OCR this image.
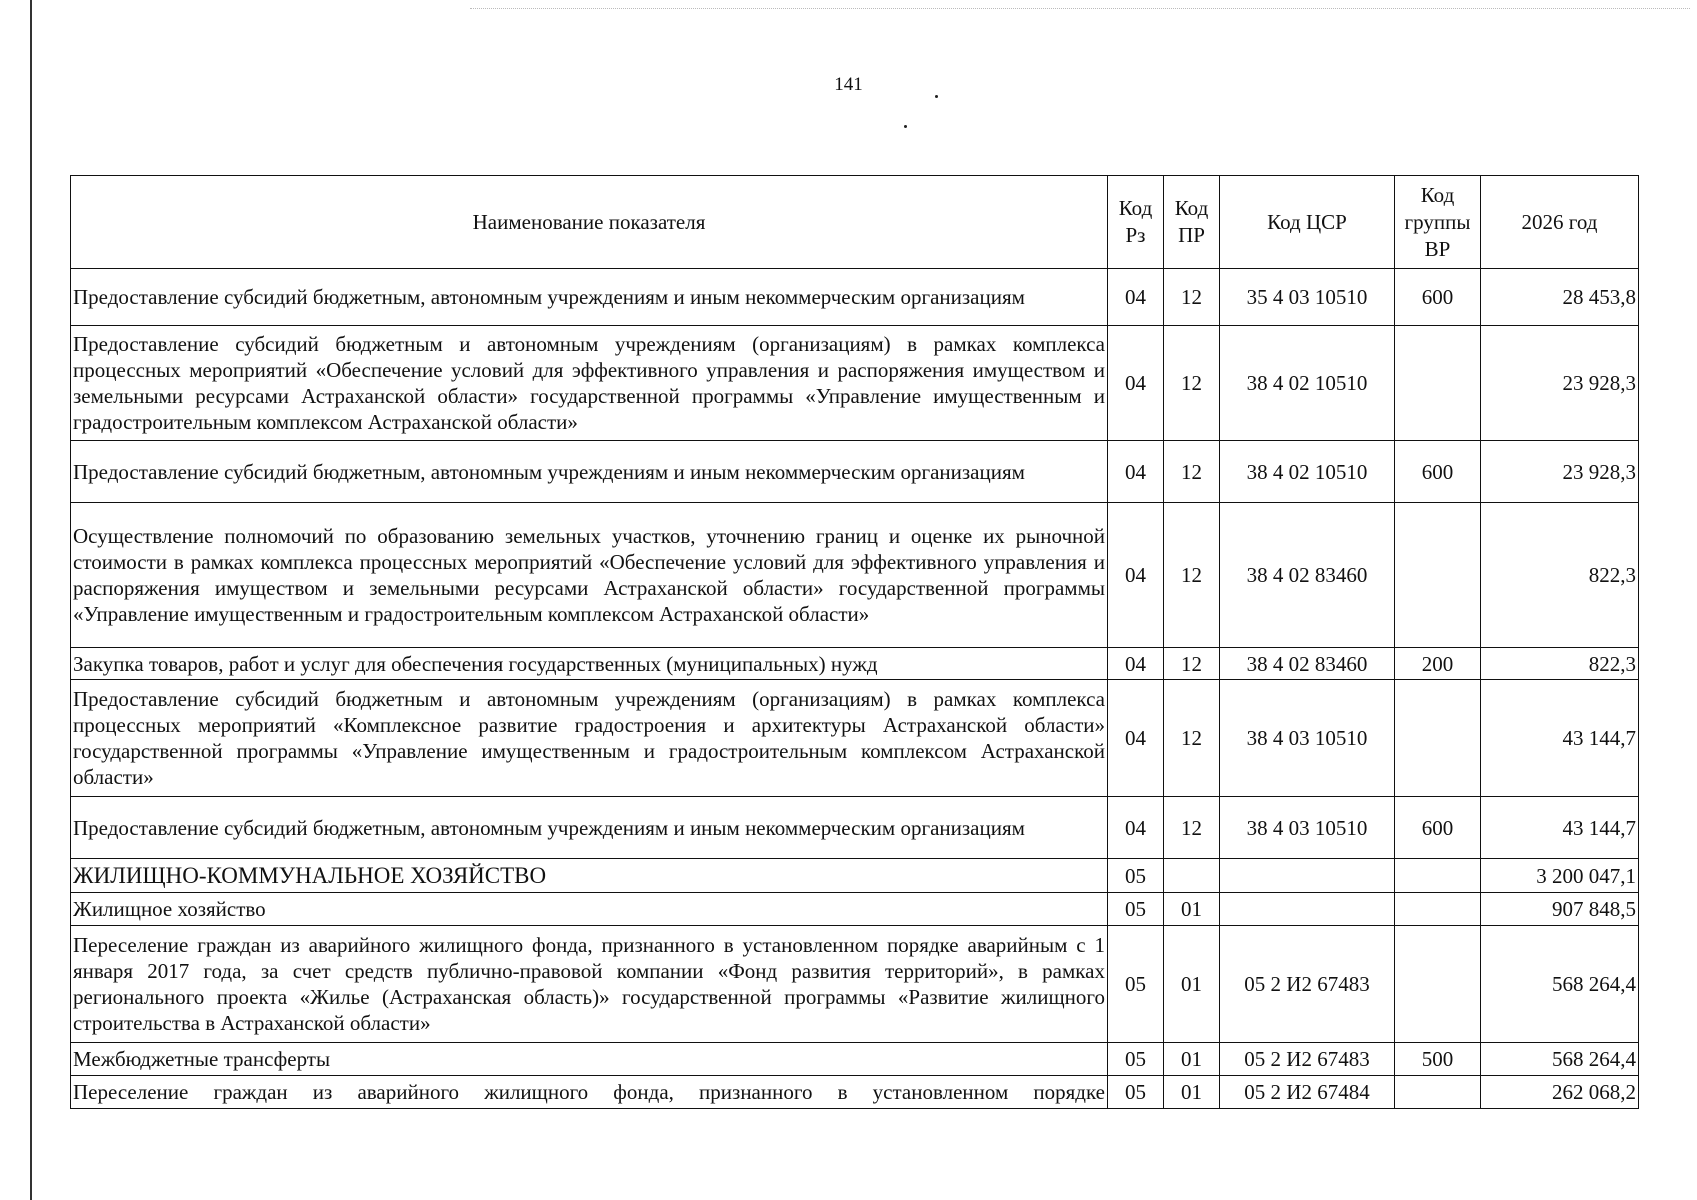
141
Наименование показателя	Код Рз	Код ПР	Код ЦСР	Код группы ВР	2026 год
Предоставление субсидий бюджетным, автономным учреждениям и иным некоммерческим организациям	04	12	35 4 03 10510	600	28 453,8
Предоставление субсидий бюджетным и автономным учреждениям (организациям) в рамках комплекса процессных мероприятий «Обеспечение условий для эффективного управления и распоряжения имуществом и земельными ресурсами Астраханской области» государственной программы «Управление имущественным и градостроительным комплексом Астраханской области»	04	12	38 4 02 10510		23 928,3
Предоставление субсидий бюджетным, автономным учреждениям и иным некоммерческим организациям	04	12	38 4 02 10510	600	23 928,3
Осуществление полномочий по образованию земельных участков, уточнению границ и оценке их рыночной стоимости в рамках комплекса процессных мероприятий «Обеспечение условий для эффективного управления и распоряжения имуществом и земельными ресурсами Астраханской области» государственной программы «Управление имущественным и градостроительным комплексом Астраханской области»	04	12	38 4 02 83460		822,3
Закупка товаров, работ и услуг для обеспечения государственных (муниципальных) нужд	04	12	38 4 02 83460	200	822,3
Предоставление субсидий бюджетным и автономным учреждениям (организациям) в рамках комплекса процессных мероприятий «Комплексное развитие градостроения и архитектуры Астраханской области» государственной программы «Управление имущественным и градостроительным комплексом Астраханской области»	04	12	38 4 03 10510		43 144,7
Предоставление субсидий бюджетным, автономным учреждениям и иным некоммерческим организациям	04	12	38 4 03 10510	600	43 144,7
ЖИЛИЩНО-КОММУНАЛЬНОЕ ХОЗЯЙСТВО	05				3 200 047,1
Жилищное хозяйство	05	01			907 848,5
Переселение граждан из аварийного жилищного фонда, признанного в установленном порядке аварийным с 1 января 2017 года, за счет средств публично-правовой компании «Фонд развития территорий», в рамках регионального проекта «Жилье (Астраханская область)» государственной программы «Развитие жилищного строительства в Астраханской области»	05	01	05 2 И2 67483		568 264,4
Межбюджетные трансферты	05	01	05 2 И2 67483	500	568 264,4
Переселение граждан из аварийного жилищного фонда, признанного в установленном порядке	05	01	05 2 И2 67484		262 068,2
